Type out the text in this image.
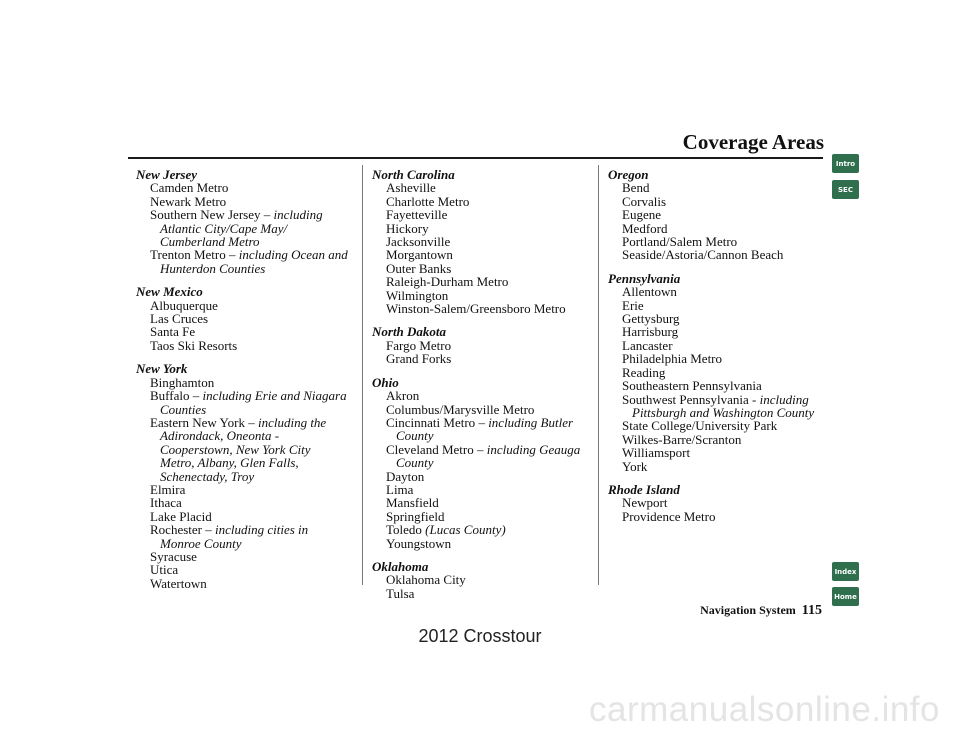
Coverage Areas
New Jersey
Camden Metro
Newark Metro
Southern New Jersey – including
Atlantic City/Cape May/
Cumberland Metro
Trenton Metro – including Ocean and
Hunterdon Counties
New Mexico
Albuquerque
Las Cruces
Santa Fe
Taos Ski Resorts
New York
Binghamton
Buffalo – including Erie and Niagara
Counties
Eastern New York – including the
Adirondack, Oneonta -
Cooperstown, New York City
Metro, Albany, Glen Falls,
Schenectady, Troy
Elmira
Ithaca
Lake Placid
Rochester – including cities in
Monroe County
Syracuse
Utica
Watertown
North Carolina
Asheville
Charlotte Metro
Fayetteville
Hickory
Jacksonville
Morgantown
Outer Banks
Raleigh-Durham Metro
Wilmington
Winston-Salem/Greensboro Metro
North Dakota
Fargo Metro
Grand Forks
Ohio
Akron
Columbus/Marysville Metro
Cincinnati Metro – including Butler
County
Cleveland Metro – including Geauga
County
Dayton
Lima
Mansfield
Springfield
Toledo (Lucas County)
Youngstown
Oklahoma
Oklahoma City
Tulsa
Oregon
Bend
Corvalis
Eugene
Medford
Portland/Salem Metro
Seaside/Astoria/Cannon Beach
Pennsylvania
Allentown
Erie
Gettysburg
Harrisburg
Lancaster
Philadelphia Metro
Reading
Southeastern Pennsylvania
Southwest Pennsylvania - including
Pittsburgh and Washington County
State College/University Park
Wilkes-Barre/Scranton
Williamsport
York
Rhode Island
Newport
Providence Metro
Intro
SEC
Index
Home
Navigation System 115
2012 Crosstour
carmanualsonline.info
